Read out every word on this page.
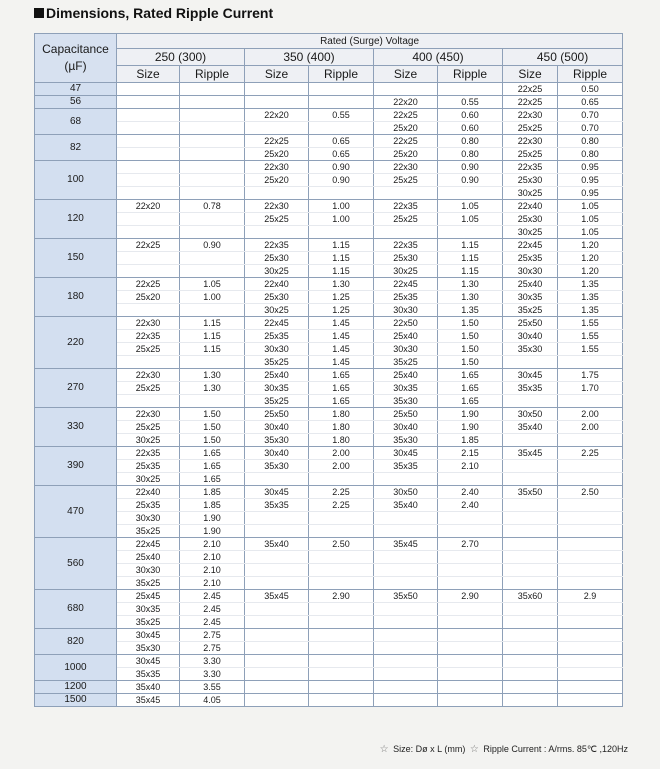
Dimensions, Rated Ripple Current
Capacitance
(µF)	Rated (Surge) Voltage							
	250 (300)		350 (400)		400 (450)		450 (500)	
	Size	Ripple	Size	Ripple	Size	Ripple	Size	Ripple
47							22x25	0.50
56					22x20	0.55	22x25	0.65
68			22x20	0.55	22x25	0.60	22x30	0.70
					25x20	0.60	25x25	0.70
82			22x25	0.65	22x25	0.80	22x30	0.80
			25x20	0.65	25x20	0.80	25x25	0.80
100			22x30	0.90	22x30	0.90	22x35	0.95
			25x20	0.90	25x25	0.90	25x30	0.95
							30x25	0.95
120	22x20	0.78	22x30	1.00	22x35	1.05	22x40	1.05
			25x25	1.00	25x25	1.05	25x30	1.05
							30x25	1.05
150	22x25	0.90	22x35	1.15	22x35	1.15	22x45	1.20
			25x30	1.15	25x30	1.15	25x35	1.20
			30x25	1.15	30x25	1.15	30x30	1.20
180	22x25	1.05	22x40	1.30	22x45	1.30	25x40	1.35
	25x20	1.00	25x30	1.25	25x35	1.30	30x35	1.35
			30x25	1.25	30x30	1.35	35x25	1.35
220	22x30	1.15	22x45	1.45	22x50	1.50	25x50	1.55
	22x35	1.15	25x35	1.45	25x40	1.50	30x40	1.55
	25x25	1.15	30x30	1.45	30x30	1.50	35x30	1.55
			35x25	1.45	35x25	1.50		
270	22x30	1.30	25x40	1.65	25x40	1.65	30x45	1.75
	25x25	1.30	30x35	1.65	30x35	1.65	35x35	1.70
			35x25	1.65	35x30	1.65		
330	22x30	1.50	25x50	1.80	25x50	1.90	30x50	2.00
	25x25	1.50	30x40	1.80	30x40	1.90	35x40	2.00
	30x25	1.50	35x30	1.80	35x30	1.85		
390	22x35	1.65	30x40	2.00	30x45	2.15	35x45	2.25
	25x35	1.65	35x30	2.00	35x35	2.10		
	30x25	1.65						
470	22x40	1.85	30x45	2.25	30x50	2.40	35x50	2.50
	25x35	1.85	35x35	2.25	35x40	2.40		
	30x30	1.90						
	35x25	1.90						
560	22x45	2.10	35x40	2.50	35x45	2.70		
	25x40	2.10						
	30x30	2.10						
	35x25	2.10						
680	25x45	2.45	35x45	2.90	35x50	2.90	35x60	2.9
	30x35	2.45						
	35x25	2.45						
820	30x45	2.75						
	35x30	2.75						
1000	30x45	3.30						
	35x35	3.30						
1200	35x40	3.55						
1500	35x45	4.05						
☆ Size: Dø x L (mm) ☆ Ripple Current : A/rms. 85℃ ,120Hz
